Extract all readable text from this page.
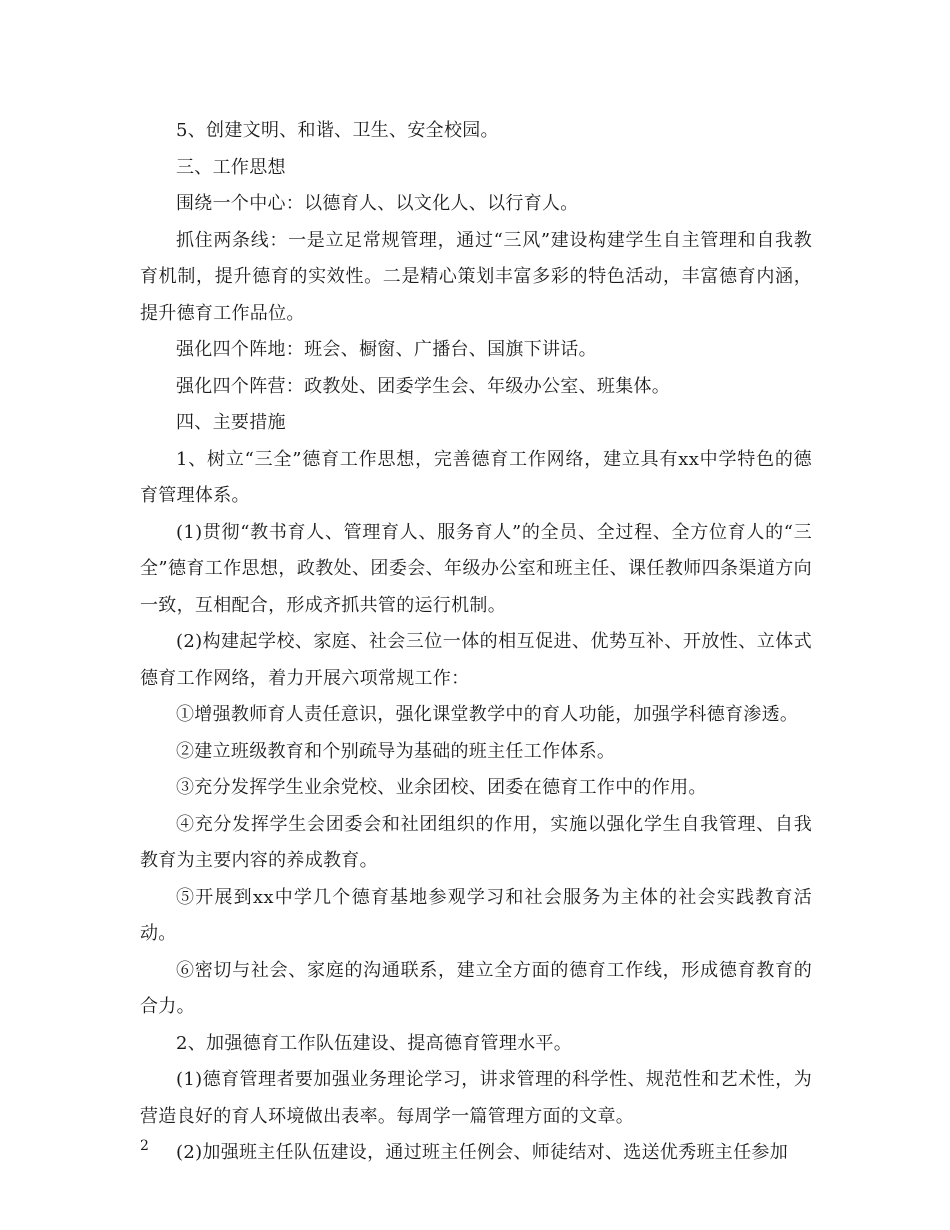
5、创建文明、和谐、卫生、安全校园。

三、工作思想

围绕一个中心：以德育人、以文化人、以行育人。

抓住两条线：一是立足常规管理，通过“三风”建设构建学生自主管理和自我教育机制，提升德育的实效性。二是精心策划丰富多彩的特色活动，丰富德育内涵，提升德育工作品位。

强化四个阵地：班会、橱窗、广播台、国旗下讲话。

强化四个阵营：政教处、团委学生会、年级办公室、班集体。

四、主要措施

1、树立“三全”德育工作思想，完善德育工作网络，建立具有xx中学特色的德育管理体系。

(1)贯彻“教书育人、管理育人、服务育人”的全员、全过程、全方位育人的“三全”德育工作思想，政教处、团委会、年级办公室和班主任、课任教师四条渠道方向一致，互相配合，形成齐抓共管的运行机制。

(2)构建起学校、家庭、社会三位一体的相互促进、优势互补、开放性、立体式德育工作网络，着力开展六项常规工作：

①增强教师育人责任意识，强化课堂教学中的育人功能，加强学科德育渗透。

②建立班级教育和个别疏导为基础的班主任工作体系。

③充分发挥学生业余党校、业余团校、团委在德育工作中的作用。

④充分发挥学生会团委会和社团组织的作用，实施以强化学生自我管理、自我教育为主要内容的养成教育。

⑤开展到xx中学几个德育基地参观学习和社会服务为主体的社会实践教育活动。

⑥密切与社会、家庭的沟通联系，建立全方面的德育工作线，形成德育教育的合力。

2、加强德育工作队伍建设、提高德育管理水平。

(1)德育管理者要加强业务理论学习，讲求管理的科学性、规范性和艺术性，为营造良好的育人环境做出表率。每周学一篇管理方面的文章。

(2)加强班主任队伍建设，通过班主任例会、师徒结对、选送优秀班主任参加

2
